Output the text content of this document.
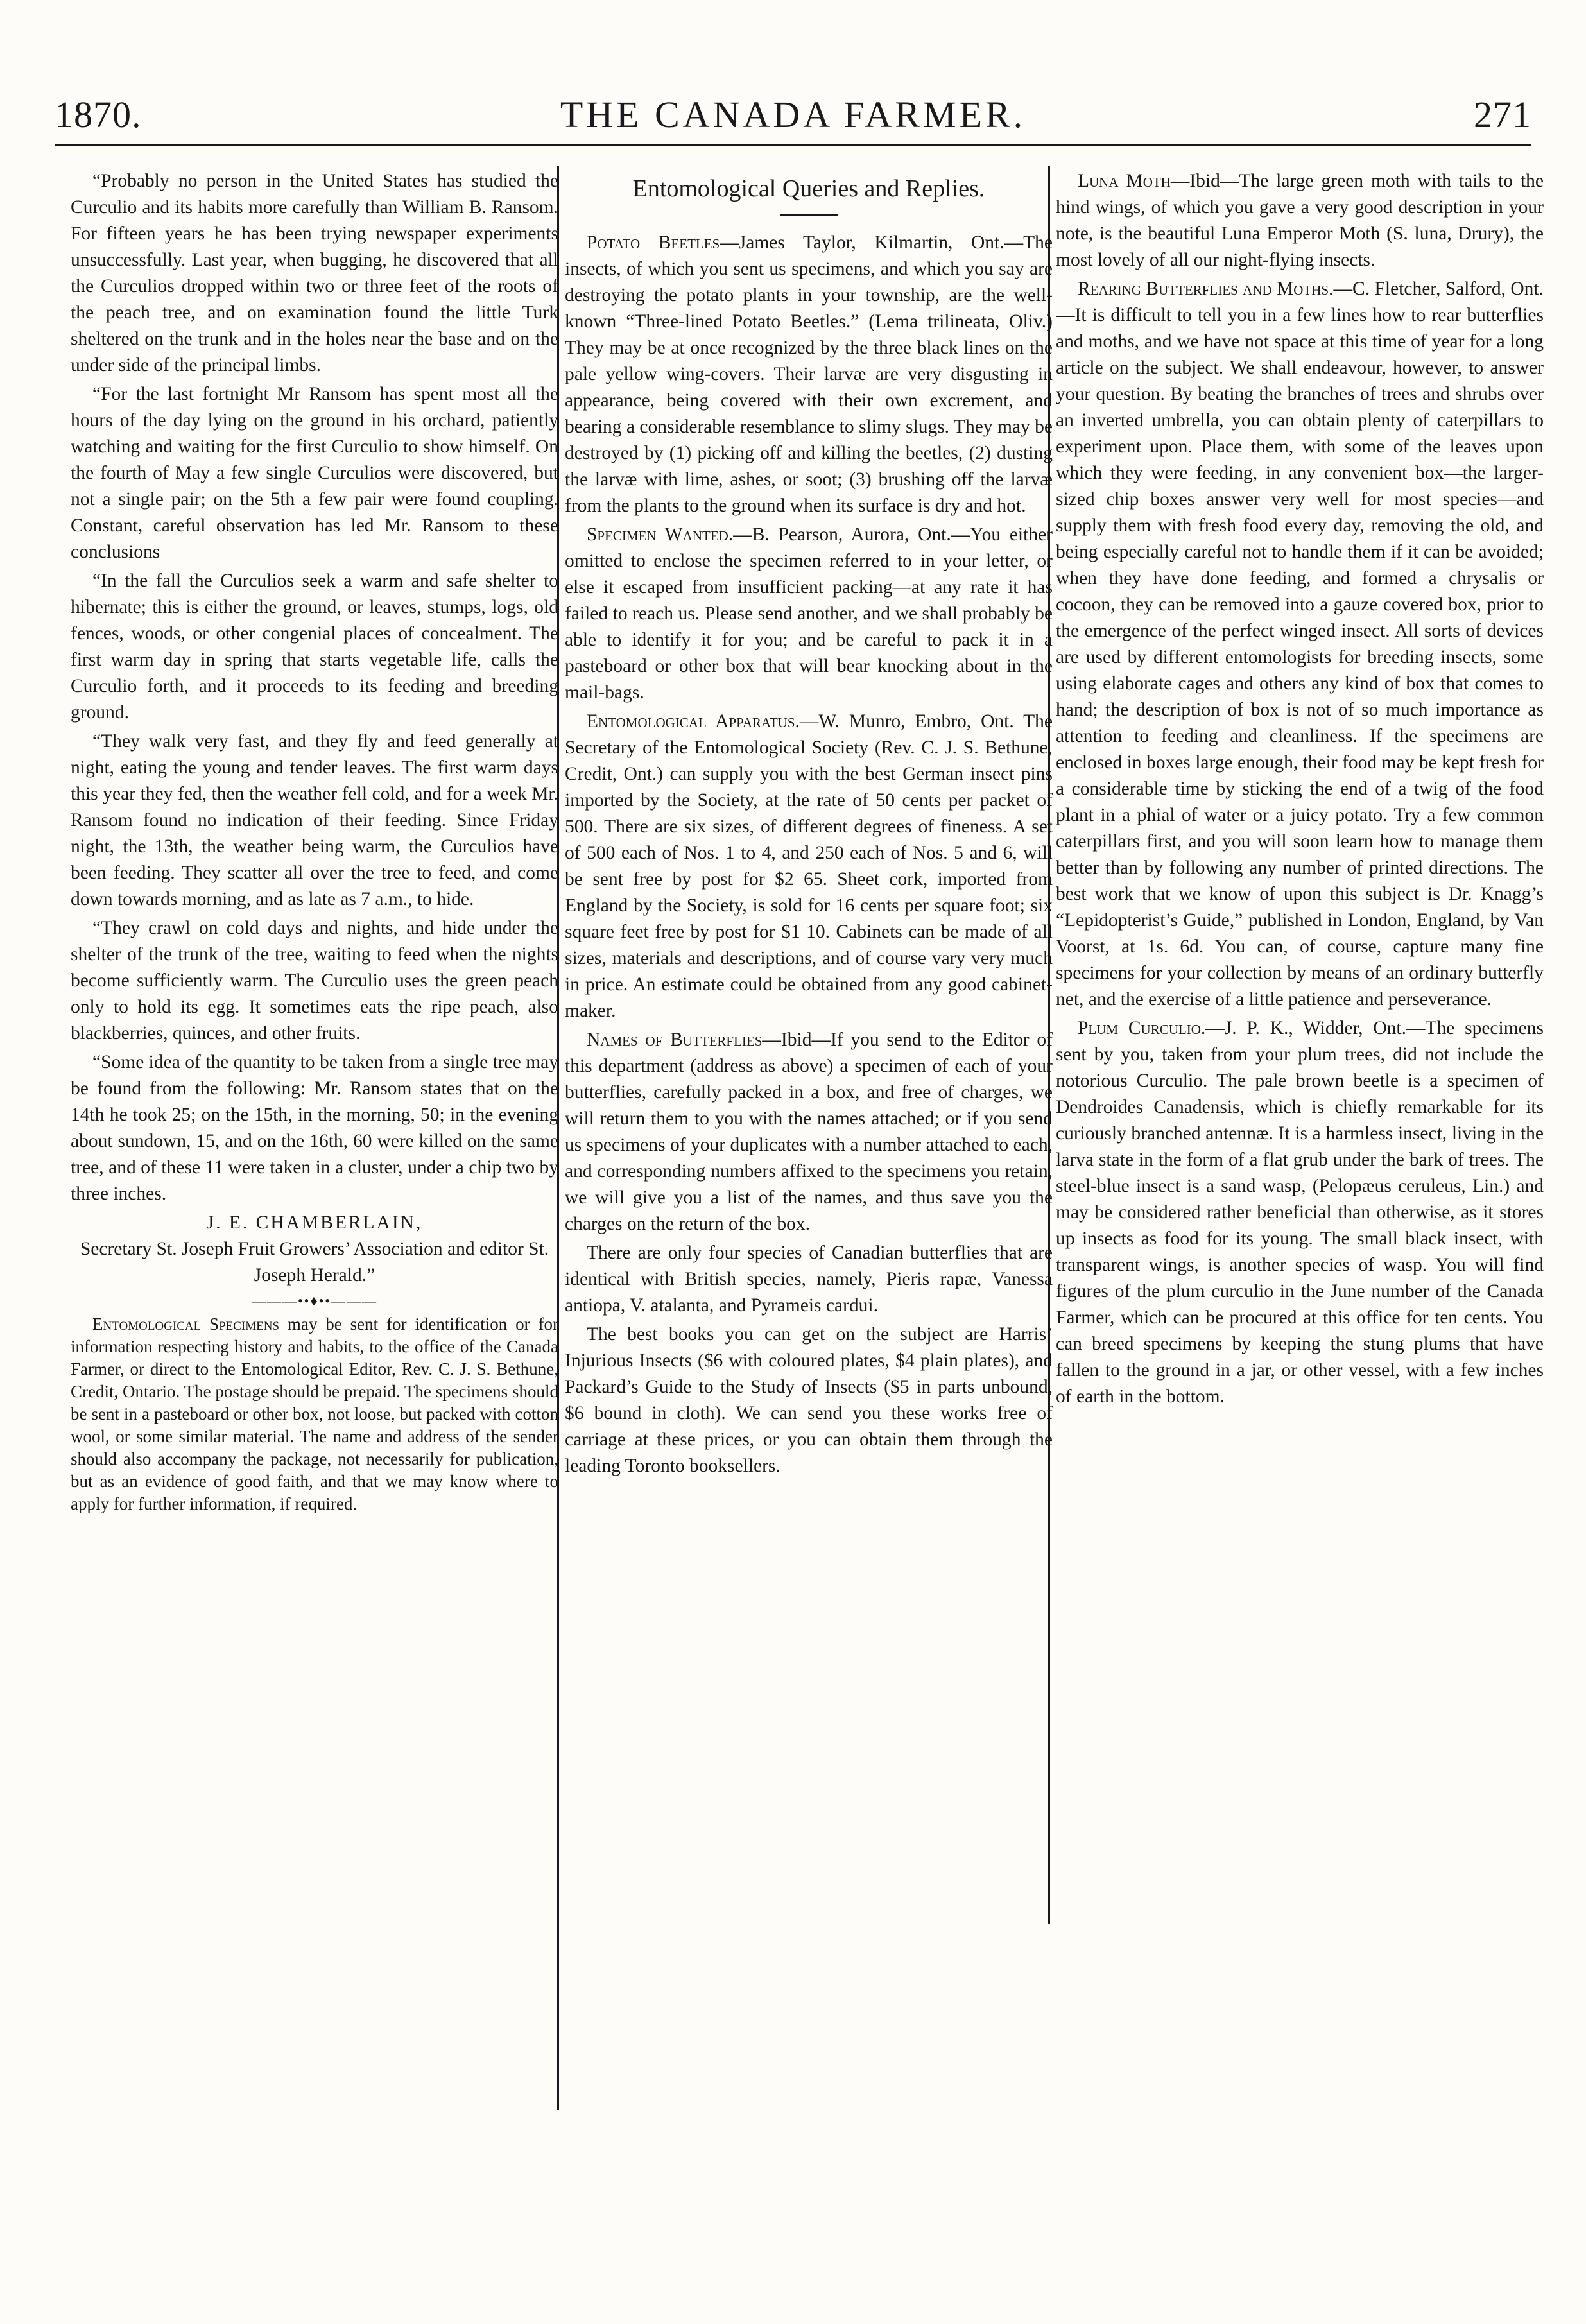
1870.	THE CANADA FARMER.	271

“Probably no person in the United States has studied the Curculio and its habits more carefully than William B. Ransom. For fifteen years he has been trying newspaper experiments unsuccessfully. Last year, when bugging, he discovered that all the Curculios dropped within two or three feet of the roots of the peach tree, and on examination found the little Turk sheltered on the trunk and in the holes near the base and on the under side of the principal limbs.

“For the last fortnight Mr Ransom has spent most all the hours of the day lying on the ground in his orchard, patiently watching and waiting for the first Curculio to show himself. On the fourth of May a few single Curculios were discovered, but not a single pair; on the 5th a few pair were found coupling. Constant, careful observation has led Mr. Ransom to these conclusions

“In the fall the Curculios seek a warm and safe shelter to hibernate; this is either the ground, or leaves, stumps, logs, old fences, woods, or other congenial places of concealment. The first warm day in spring that starts vegetable life, calls the Curculio forth, and it proceeds to its feeding and breeding ground.

“They walk very fast, and they fly and feed generally at night, eating the young and tender leaves. The first warm days this year they fed, then the weather fell cold, and for a week Mr. Ransom found no indication of their feeding. Since Friday night, the 13th, the weather being warm, the Curculios have been feeding. They scatter all over the tree to feed, and come down towards morning, and as late as 7 a.m., to hide.

“They crawl on cold days and nights, and hide under the shelter of the trunk of the tree, waiting to feed when the nights become sufficiently warm. The Curculio uses the green peach only to hold its egg. It sometimes eats the ripe peach, also blackberries, quinces, and other fruits.

“Some idea of the quantity to be taken from a single tree may be found from the following: Mr. Ransom states that on the 14th he took 25; on the 15th, in the morning, 50; in the evening about sundown, 15, and on the 16th, 60 were killed on the same tree, and of these 11 were taken in a cluster, under a chip two by three inches.

J. E. CHAMBERLAIN,

Secretary St. Joseph Fruit Growers’ Association and editor St. Joseph Herald.”

———••♦••———

Entomological Specimens may be sent for identification or for information respecting history and habits, to the office of the Canada Farmer, or direct to the Entomological Editor, Rev. C. J. S. Bethune, Credit, Ontario. The postage should be prepaid. The specimens should be sent in a pasteboard or other box, not loose, but packed with cotton wool, or some similar material. The name and address of the sender should also accompany the package, not necessarily for publication, but as an evidence of good faith, and that we may know where to apply for further information, if required.

Entomological Queries and Replies.

Potato Beetles—James Taylor, Kilmartin, Ont.—The insects, of which you sent us specimens, and which you say are destroying the potato plants in your township, are the well-known “Three-lined Potato Beetles.” (Lema trilineata, Oliv.) They may be at once recognized by the three black lines on the pale yellow wing-covers. Their larvæ are very disgusting in appearance, being covered with their own excrement, and bearing a considerable resemblance to slimy slugs. They may be destroyed by (1) picking off and killing the beetles, (2) dusting the larvæ with lime, ashes, or soot; (3) brushing off the larvæ from the plants to the ground when its surface is dry and hot.

Specimen Wanted.—B. Pearson, Aurora, Ont.—You either omitted to enclose the specimen referred to in your letter, or else it escaped from insufficient packing—at any rate it has failed to reach us. Please send another, and we shall probably be able to identify it for you; and be careful to pack it in a pasteboard or other box that will bear knocking about in the mail-bags.

Entomological Apparatus.—W. Munro, Embro, Ont. The Secretary of the Entomological Society (Rev. C. J. S. Bethune, Credit, Ont.) can supply you with the best German insect pins imported by the Society, at the rate of 50 cents per packet of 500. There are six sizes, of different degrees of fineness. A set of 500 each of Nos. 1 to 4, and 250 each of Nos. 5 and 6, will be sent free by post for $2 65. Sheet cork, imported from England by the Society, is sold for 16 cents per square foot; six square feet free by post for $1 10. Cabinets can be made of all sizes, materials and descriptions, and of course vary very much in price. An estimate could be obtained from any good cabinet-maker.

Names of Butterflies—Ibid—If you send to the Editor of this department (address as above) a specimen of each of your butterflies, carefully packed in a box, and free of charges, we will return them to you with the names attached; or if you send us specimens of your duplicates with a number attached to each, and corresponding numbers affixed to the specimens you retain, we will give you a list of the names, and thus save you the charges on the return of the box.

There are only four species of Canadian butterflies that are identical with British species, namely, Pieris rapæ, Vanessa antiopa, V. atalanta, and Pyrameis cardui.

The best books you can get on the subject are Harris’ Injurious Insects ($6 with coloured plates, $4 plain plates), and Packard’s Guide to the Study of Insects ($5 in parts unbound, $6 bound in cloth). We can send you these works free of carriage at these prices, or you can obtain them through the leading Toronto booksellers.

Luna Moth—Ibid—The large green moth with tails to the hind wings, of which you gave a very good description in your note, is the beautiful Luna Emperor Moth (S. luna, Drury), the most lovely of all our night-flying insects.

Rearing Butterflies and Moths.—C. Fletcher, Salford, Ont.—It is difficult to tell you in a few lines how to rear butterflies and moths, and we have not space at this time of year for a long article on the subject. We shall endeavour, however, to answer your question. By beating the branches of trees and shrubs over an inverted umbrella, you can obtain plenty of caterpillars to experiment upon. Place them, with some of the leaves upon which they were feeding, in any convenient box—the larger-sized chip boxes answer very well for most species—and supply them with fresh food every day, removing the old, and being especially careful not to handle them if it can be avoided; when they have done feeding, and formed a chrysalis or cocoon, they can be removed into a gauze covered box, prior to the emergence of the perfect winged insect. All sorts of devices are used by different entomologists for breeding insects, some using elaborate cages and others any kind of box that comes to hand; the description of box is not of so much importance as attention to feeding and cleanliness. If the specimens are enclosed in boxes large enough, their food may be kept fresh for a considerable time by sticking the end of a twig of the food plant in a phial of water or a juicy potato. Try a few common caterpillars first, and you will soon learn how to manage them better than by following any number of printed directions. The best work that we know of upon this subject is Dr. Knagg’s “Lepidopterist’s Guide,” published in London, England, by Van Voorst, at 1s. 6d. You can, of course, capture many fine specimens for your collection by means of an ordinary butterfly net, and the exercise of a little patience and perseverance.

Plum Curculio.—J. P. K., Widder, Ont.—The specimens sent by you, taken from your plum trees, did not include the notorious Curculio. The pale brown beetle is a specimen of Dendroides Canadensis, which is chiefly remarkable for its curiously branched antennæ. It is a harmless insect, living in the larva state in the form of a flat grub under the bark of trees. The steel-blue insect is a sand wasp, (Pelopæus ceruleus, Lin.) and may be considered rather beneficial than otherwise, as it stores up insects as food for its young. The small black insect, with transparent wings, is another species of wasp. You will find figures of the plum curculio in the June number of the Canada Farmer, which can be procured at this office for ten cents. You can breed specimens by keeping the stung plums that have fallen to the ground in a jar, or other vessel, with a few inches of earth in the bottom.
